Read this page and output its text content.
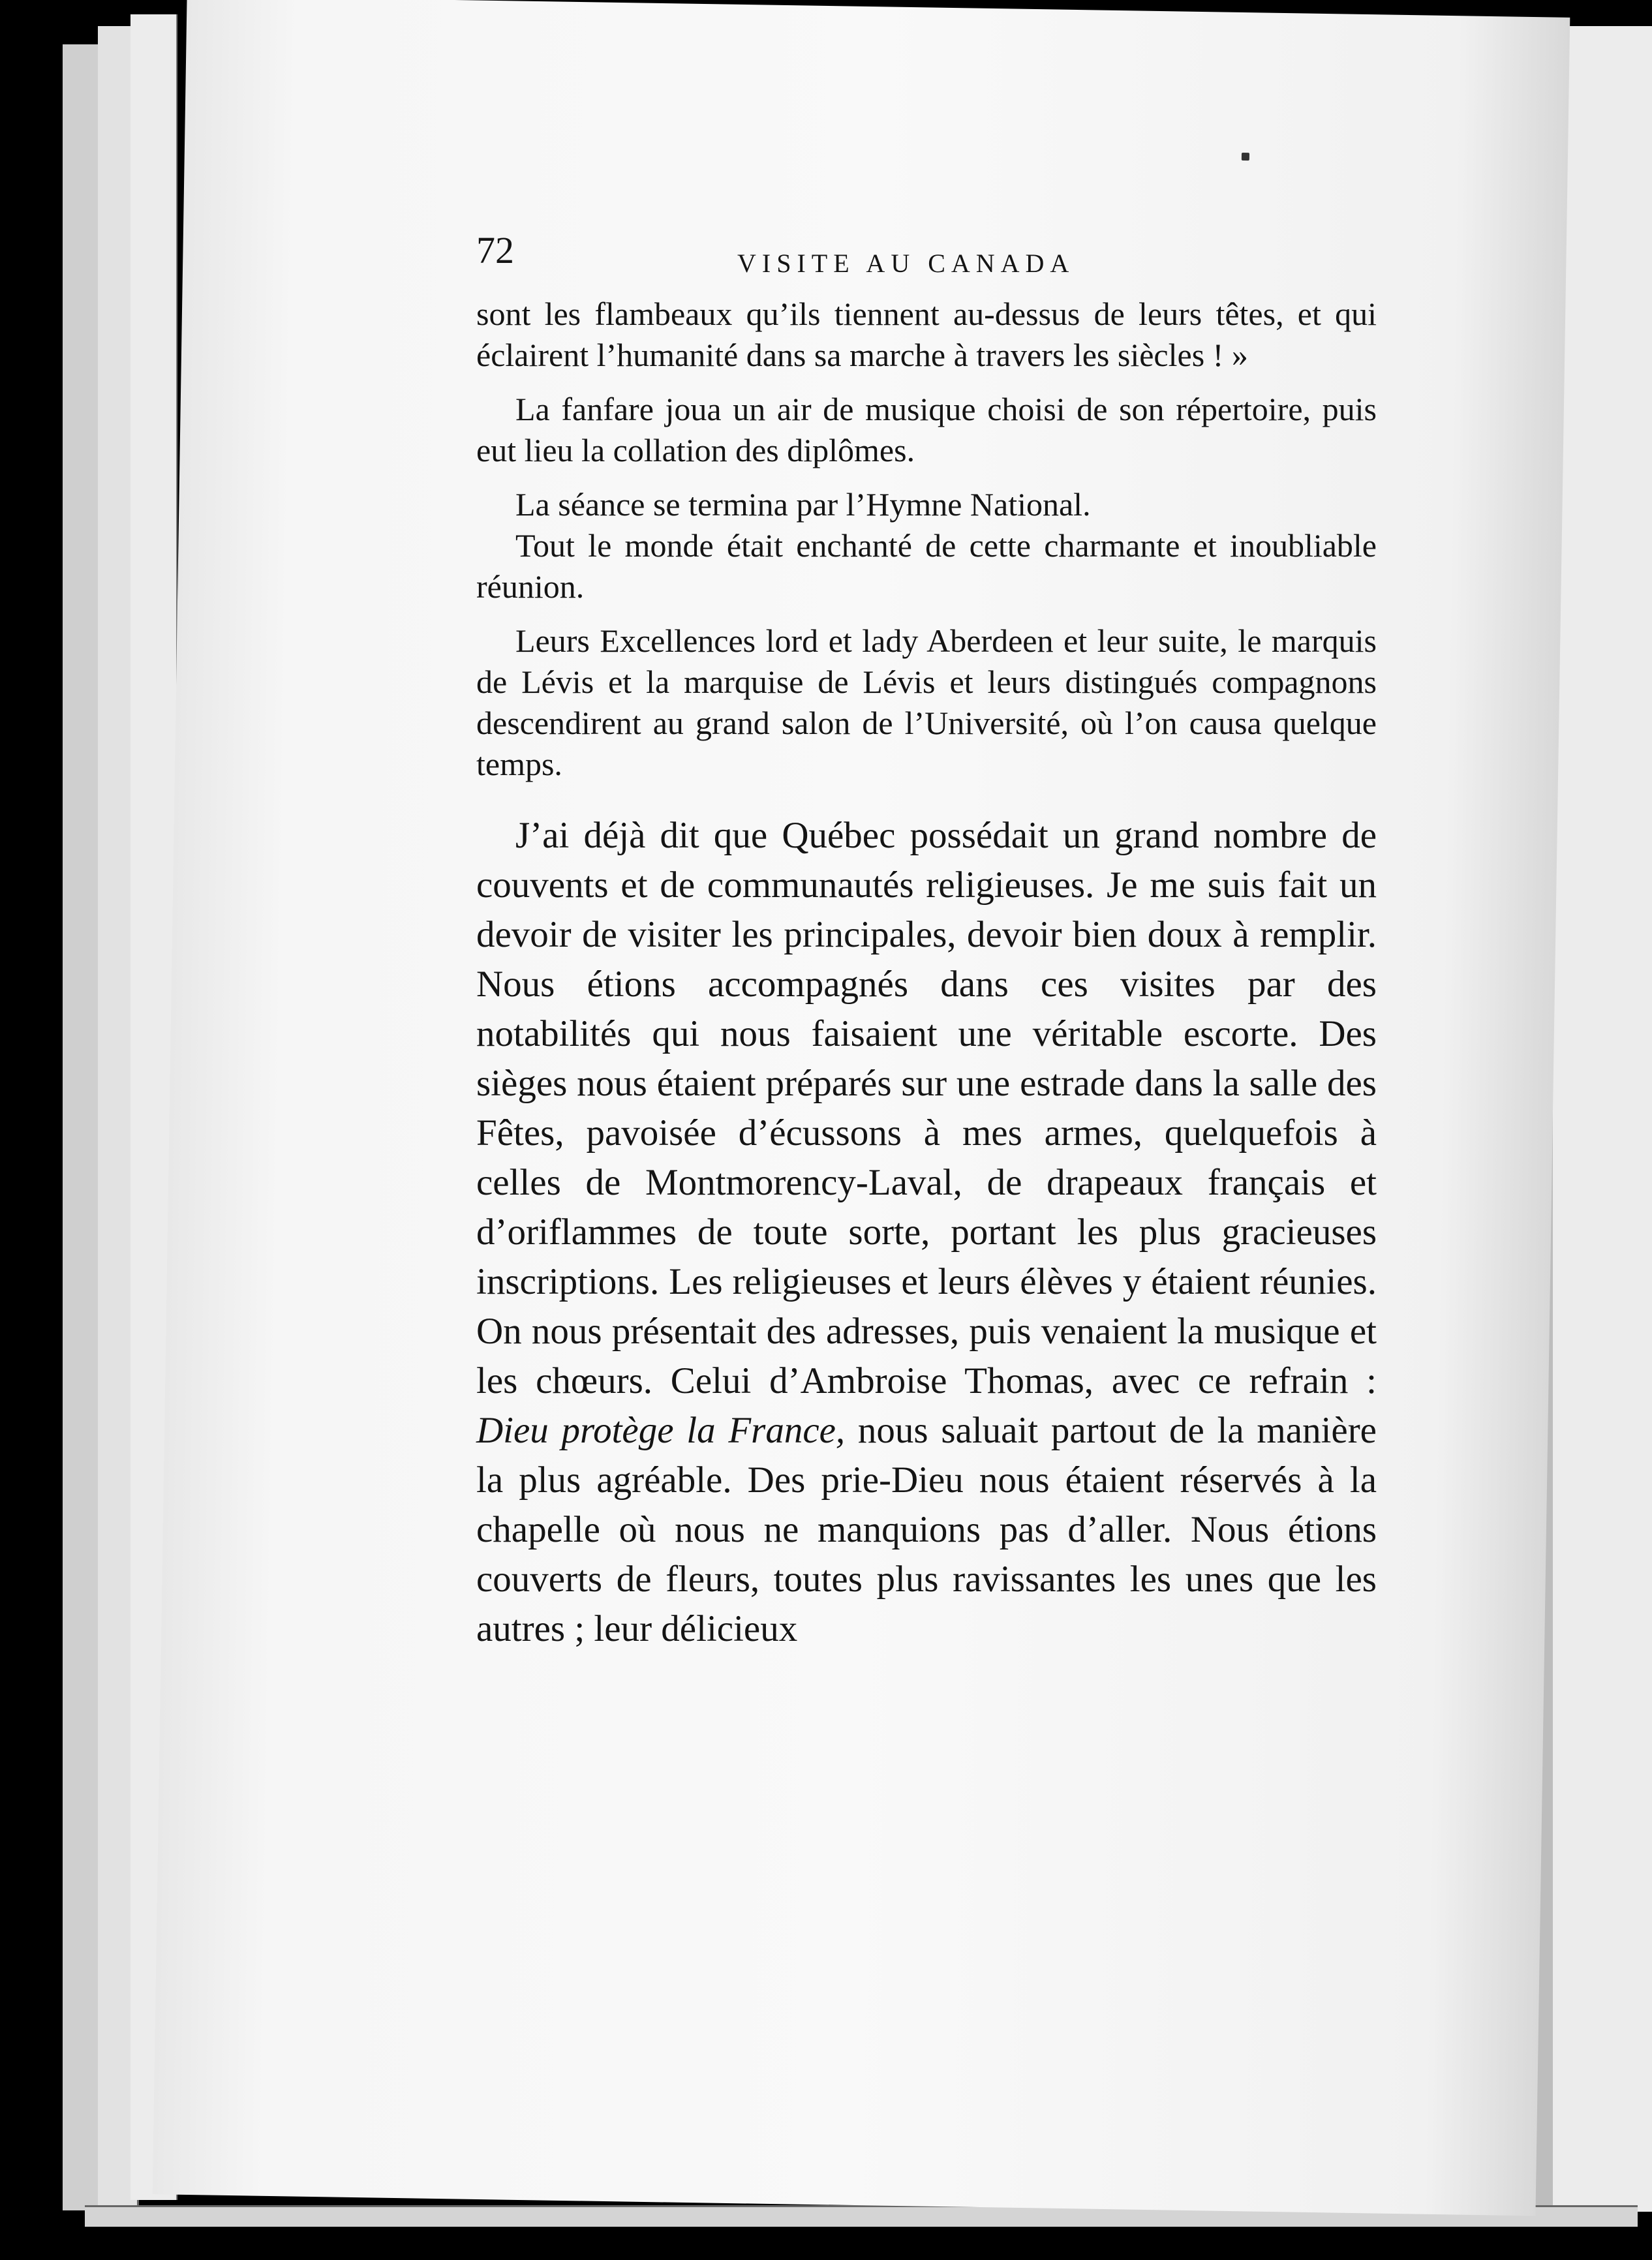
72	VISITE AU CANADA

sont les flambeaux qu’ils tiennent au-dessus de leurs têtes, et qui éclairent l’humanité dans sa marche à travers les siècles ! »

La fanfare joua un air de musique choisi de son répertoire, puis eut lieu la collation des diplômes.

La séance se termina par l’Hymne National.

Tout le monde était enchanté de cette charmante et inoubliable réunion.

Leurs Excellences lord et lady Aberdeen et leur suite, le marquis de Lévis et la marquise de Lévis et leurs distingués compagnons descendirent au grand salon de l’Université, où l’on causa quelque temps.

J’ai déjà dit que Québec possédait un grand nombre de couvents et de communautés religieuses. Je me suis fait un devoir de visiter les principales, devoir bien doux à remplir. Nous étions accompagnés dans ces visites par des notabilités qui nous faisaient une véritable escorte. Des sièges nous étaient préparés sur une estrade dans la salle des Fêtes, pavoisée d’écussons à mes armes, quelquefois à celles de Montmorency-Laval, de drapeaux français et d’oriflammes de toute sorte, portant les plus gracieuses inscriptions. Les religieuses et leurs élèves y étaient réunies. On nous présentait des adresses, puis venaient la musique et les chœurs. Celui d’Ambroise Thomas, avec ce refrain : Dieu protège la France, nous saluait partout de la manière la plus agréable. Des prie-Dieu nous étaient réservés à la chapelle où nous ne manquions pas d’aller. Nous étions couverts de fleurs, toutes plus ravissantes les unes que les autres ; leur délicieux
